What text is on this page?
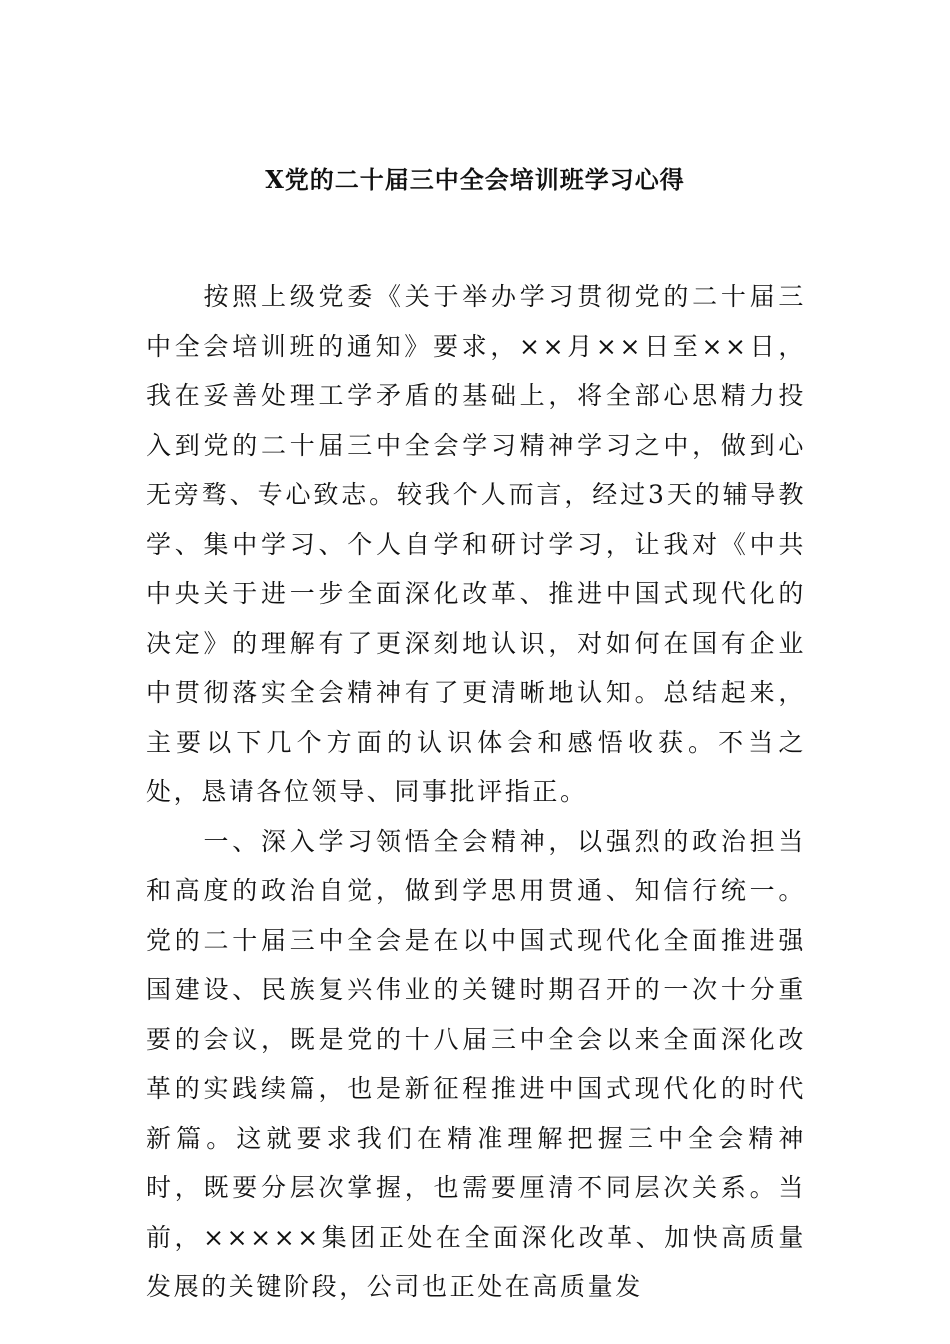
X党的二十届三中全会培训班学习心得

按照上级党委《关于举办学习贯彻党的二十届三中全会培训班的通知》要求，××月××日至××日，我在妥善处理工学矛盾的基础上，将全部心思精力投入到党的二十届三中全会学习精神学习之中，做到心无旁骛、专心致志。较我个人而言，经过3天的辅导教学、集中学习、个人自学和研讨学习，让我对《中共中央关于进一步全面深化改革、推进中国式现代化的决定》的理解有了更深刻地认识，对如何在国有企业中贯彻落实全会精神有了更清晰地认知。总结起来，主要以下几个方面的认识体会和感悟收获。不当之处，恳请各位领导、同事批评指正。

一、深入学习领悟全会精神，以强烈的政治担当和高度的政治自觉，做到学思用贯通、知信行统一。党的二十届三中全会是在以中国式现代化全面推进强国建设、民族复兴伟业的关键时期召开的一次十分重要的会议，既是党的十八届三中全会以来全面深化改革的实践续篇，也是新征程推进中国式现代化的时代新篇。这就要求我们在精准理解把握三中全会精神时，既要分层次掌握，也需要厘清不同层次关系。当前，×××××集团正处在全面深化改革、加快高质量发展的关键阶段，公司也正处在高质量发
